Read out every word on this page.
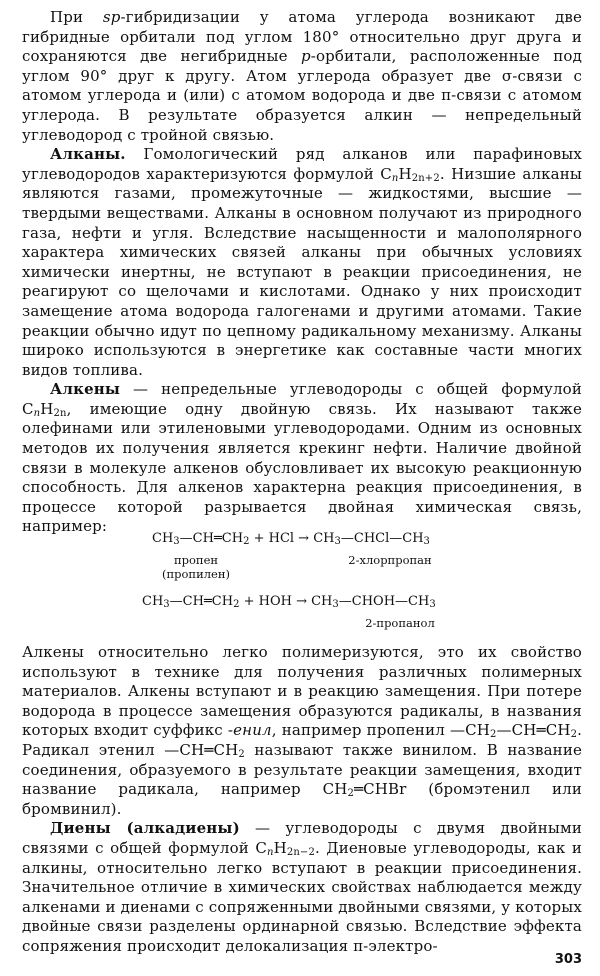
При sp-гибридизации у атома углерода возникают две гибридные орбитали под углом 180° относительно друг друга и сохраняются две негибридные p-орбитали, расположенные под углом 90° друг к другу. Атом углерода образует две σ-связи с атомом углерода и (или) с атомом водорода и две π-связи с атомом углерода. В результате образуется алкин — непредельный углеводород с тройной связью.

Алканы. Гомологический ряд алканов или парафиновых углеводородов характеризуются формулой $C_nH_{2n+2}$. Низшие алканы являются газами, промежуточные — жидкостями, высшие — твердыми веществами. Алканы в основном получают из природного газа, нефти и угля. Вследствие насыщенности и малополярного характера химических связей алканы при обычных условиях химически инертны, не вступают в реакции присоединения, не реагируют со щелочами и кислотами. Однако у них происходит замещение атома водорода галогенами и другими атомами. Такие реакции обычно идут по цепному радикальному механизму. Алканы широко используются в энергетике как составные части многих видов топлива.

Алкены — непредельные углеводороды с общей формулой $C_nH_{2n}$, имеющие одну двойную связь. Их называют также олефинами или этиленовыми углеводородами. Одним из основных методов их получения является крекинг нефти. Наличие двойной связи в молекуле алкенов обусловливает их высокую реакционную способность. Для алкенов характерна реакция присоединения, в процессе которой разрывается двойная химическая связь, например:

$CH_3—CH═CH_2$ + HCl → $CH_3—CHCl—CH_3$
пропен
(пропилен)
2-хлорпропан
$CH_3—CH═CH_2$ + HOH → $CH_3—CHOH—CH_3$
2-пропанол

Алкены относительно легко полимеризуются, это их свойство используют в технике для получения различных полимерных материалов. Алкены вступают и в реакцию замещения. При потере водорода в процессе замещения образуются радикалы, в названия которых входит суффикс -енил, например пропенил $—CH_2—CH═CH_2$. Радикал этенил $—CH═CH_2$ называют также винилом. В название соединения, образуемого в результате реакции замещения, входит название радикала, например $CH_2═CHBr$ (бромэтенил или бромвинил).

Диены (алкадиены) — углеводороды с двумя двойными связями с общей формулой $C_nH_{2n-2}$. Диеновые углеводороды, как и алкины, относительно легко вступают в реакции присоединения. Значительное отличие в химических свойствах наблюдается между алкенами и диенами с сопряженными двойными связями, у которых двойные связи разделены ординарной связью. Вследствие эффекта сопряжения происходит делокализация π-электро-

303
